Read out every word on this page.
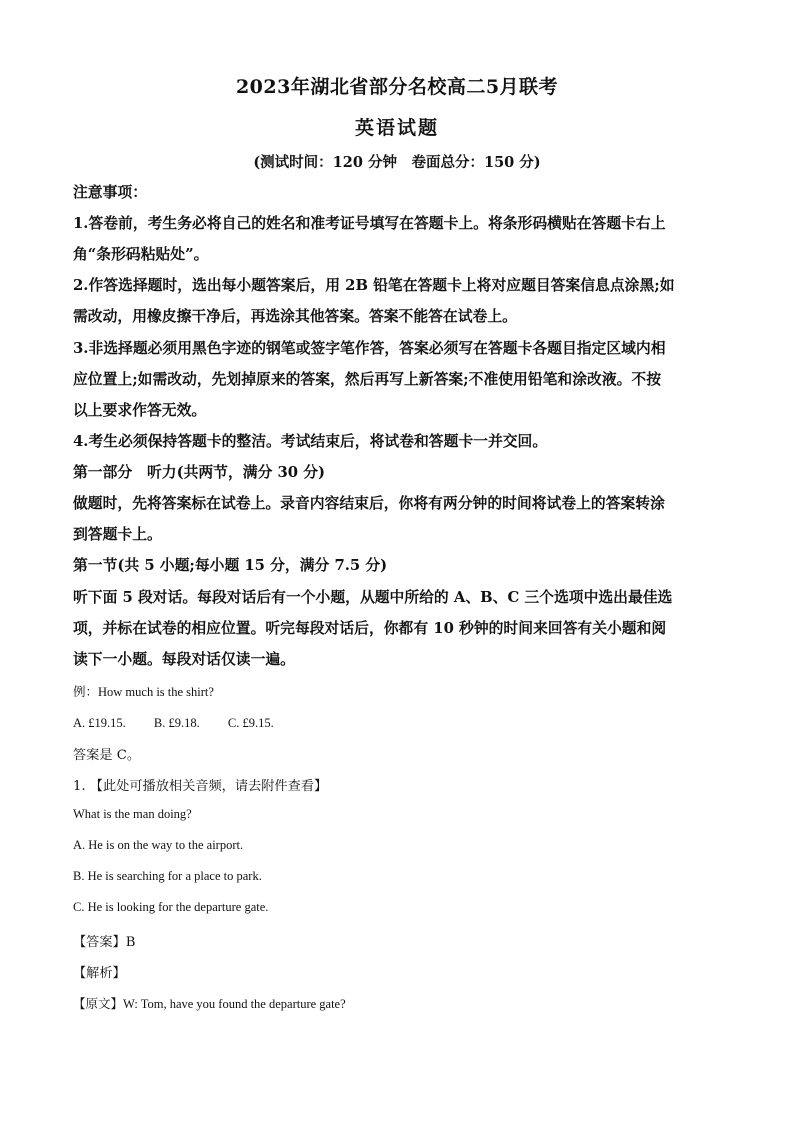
2023年湖北省部分名校高二5月联考
英语试题
(测试时间：120 分钟　卷面总分：150 分)
注意事项：
1.答卷前，考生务必将自己的姓名和准考证号填写在答题卡上。将条形码横贴在答题卡右上
角“条形码粘贴处”。
2.作答选择题时，选出每小题答案后，用 2B 铅笔在答题卡上将对应题目答案信息点涂黑;如
需改动，用橡皮擦干净后，再选涂其他答案。答案不能答在试卷上。
3.非选择题必须用黑色字迹的钢笔或签字笔作答，答案必须写在答题卡各题目指定区域内相
应位置上;如需改动，先划掉原来的答案，然后再写上新答案;不准使用铅笔和涂改液。不按
以上要求作答无效。
4.考生必须保持答题卡的整洁。考试结束后，将试卷和答题卡一并交回。
第一部分　听力(共两节，满分 30 分)
做题时，先将答案标在试卷上。录音内容结束后，你将有两分钟的时间将试卷上的答案转涂
到答题卡上。
第一节(共 5 小题;每小题 15 分，满分 7.5 分)
听下面 5 段对话。每段对话后有一个小题，从题中所给的 A、B、C 三个选项中选出最佳选
项，并标在试卷的相应位置。听完每段对话后，你都有 10 秒钟的时间来回答有关小题和阅
读下一小题。每段对话仅读一遍。
例：How much is the shirt?
A. £19.15.　　 B. £9.18.　　 C. £9.15.
答案是 C。
1. 【此处可播放相关音频，请去附件查看】
What is the man doing?
A. He is on the way to the airport.
B. He is searching for a place to park.
C. He is looking for the departure gate.
【答案】B
【解析】
【原文】W: Tom, have you found the departure gate?
